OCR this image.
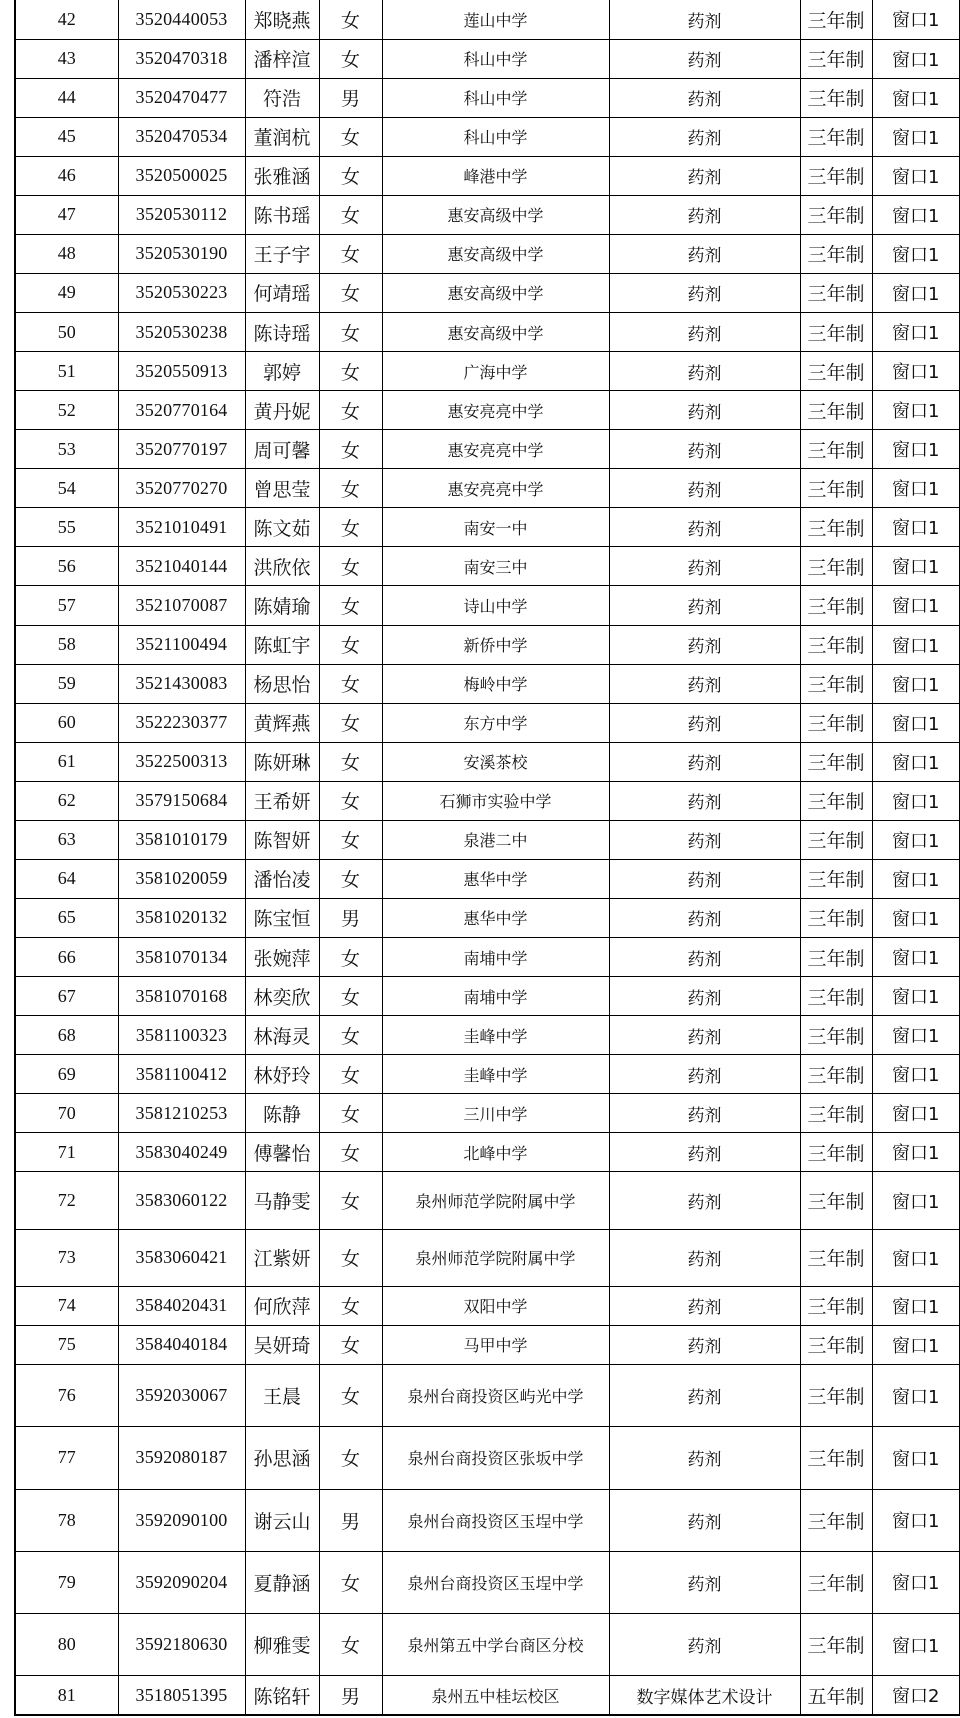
42	3520440053	郑晓燕	女	莲山中学	药剂	三年制	窗口1
43	3520470318	潘梓渲	女	科山中学	药剂	三年制	窗口1
44	3520470477	符浩	男	科山中学	药剂	三年制	窗口1
45	3520470534	董润杭	女	科山中学	药剂	三年制	窗口1
46	3520500025	张雅涵	女	峰港中学	药剂	三年制	窗口1
47	3520530112	陈书瑶	女	惠安高级中学	药剂	三年制	窗口1
48	3520530190	王子宇	女	惠安高级中学	药剂	三年制	窗口1
49	3520530223	何靖瑶	女	惠安高级中学	药剂	三年制	窗口1
50	3520530238	陈诗瑶	女	惠安高级中学	药剂	三年制	窗口1
51	3520550913	郭婷	女	广海中学	药剂	三年制	窗口1
52	3520770164	黄丹妮	女	惠安亮亮中学	药剂	三年制	窗口1
53	3520770197	周可馨	女	惠安亮亮中学	药剂	三年制	窗口1
54	3520770270	曾思莹	女	惠安亮亮中学	药剂	三年制	窗口1
55	3521010491	陈文茹	女	南安一中	药剂	三年制	窗口1
56	3521040144	洪欣依	女	南安三中	药剂	三年制	窗口1
57	3521070087	陈婧瑜	女	诗山中学	药剂	三年制	窗口1
58	3521100494	陈虹宇	女	新侨中学	药剂	三年制	窗口1
59	3521430083	杨思怡	女	梅岭中学	药剂	三年制	窗口1
60	3522230377	黄辉燕	女	东方中学	药剂	三年制	窗口1
61	3522500313	陈妍琳	女	安溪茶校	药剂	三年制	窗口1
62	3579150684	王希妍	女	石狮市实验中学	药剂	三年制	窗口1
63	3581010179	陈智妍	女	泉港二中	药剂	三年制	窗口1
64	3581020059	潘怡凌	女	惠华中学	药剂	三年制	窗口1
65	3581020132	陈宝恒	男	惠华中学	药剂	三年制	窗口1
66	3581070134	张婉萍	女	南埔中学	药剂	三年制	窗口1
67	3581070168	林奕欣	女	南埔中学	药剂	三年制	窗口1
68	3581100323	林海灵	女	圭峰中学	药剂	三年制	窗口1
69	3581100412	林妤玲	女	圭峰中学	药剂	三年制	窗口1
70	3581210253	陈静	女	三川中学	药剂	三年制	窗口1
71	3583040249	傅馨怡	女	北峰中学	药剂	三年制	窗口1
72	3583060122	马静雯	女	泉州师范学院附属中学	药剂	三年制	窗口1
73	3583060421	江紫妍	女	泉州师范学院附属中学	药剂	三年制	窗口1
74	3584020431	何欣萍	女	双阳中学	药剂	三年制	窗口1
75	3584040184	吴妍琦	女	马甲中学	药剂	三年制	窗口1
76	3592030067	王晨	女	泉州台商投资区屿光中学	药剂	三年制	窗口1
77	3592080187	孙思涵	女	泉州台商投资区张坂中学	药剂	三年制	窗口1
78	3592090100	谢云山	男	泉州台商投资区玉埕中学	药剂	三年制	窗口1
79	3592090204	夏静涵	女	泉州台商投资区玉埕中学	药剂	三年制	窗口1
80	3592180630	柳雅雯	女	泉州第五中学台商区分校	药剂	三年制	窗口1
81	3518051395	陈铭轩	男	泉州五中桂坛校区	数字媒体艺术设计	五年制	窗口2
